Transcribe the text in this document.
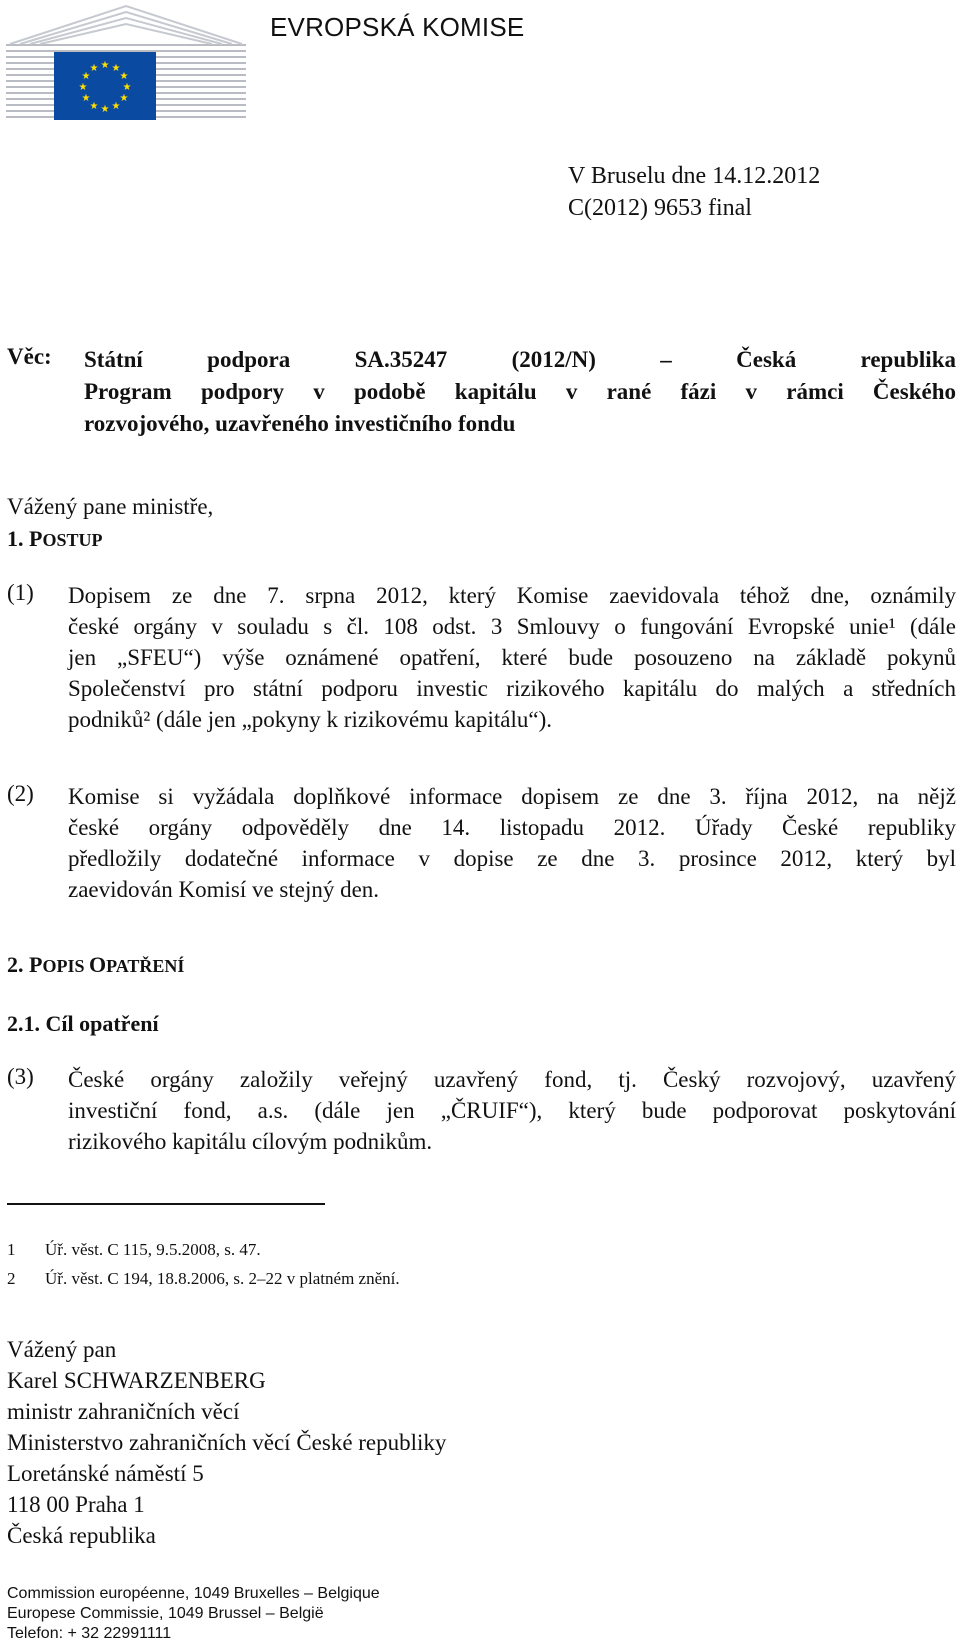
★ ★
★
★
★
★
★
★
★
★
★
★
EVROPSKÁ KOMISE
V Bruselu dne 14.12.2012
C(2012) 9653 final
Věc: Státní podpora SA.35247 (2012/N) – Česká republika
Program podpory v podobě kapitálu v rané fázi v rámci Českého
rozvojového, uzavřeného investičního fondu
Vážený pane ministře,
1. POSTUP
(1) Dopisem ze dne 7. srpna 2012, který Komise zaevidovala téhož dne, oznámily
české orgány v souladu s čl. 108 odst. 3 Smlouvy o fungování Evropské unie¹ (dále
jen „SFEU“) výše oznámené opatření, které bude posouzeno na základě pokynů
Společenství pro státní podporu investic rizikového kapitálu do malých a středních
podniků² (dále jen „pokyny k rizikovému kapitálu“).
(2) Komise si vyžádala doplňkové informace dopisem ze dne 3. října 2012, na nějž
české orgány odpověděly dne 14. listopadu 2012. Úřady České republiky
předložily dodatečné informace v dopise ze dne 3. prosince 2012, který byl
zaevidován Komisí ve stejný den.
2. POPIS OPATŘENÍ
2.1. Cíl opatření
(3) České orgány založily veřejný uzavřený fond, tj. Český rozvojový, uzavřený
investiční fond, a.s. (dále jen „ČRUIF“), který bude podporovat poskytování
rizikového kapitálu cílovým podnikům.
1 Úř. věst. C 115, 9.5.2008, s. 47.
2 Úř. věst. C 194, 18.8.2006, s. 2–22 v platném znění.
Vážený pan
Karel SCHWARZENBERG
ministr zahraničních věcí
Ministerstvo zahraničních věcí České republiky
Loretánské náměstí 5
118 00 Praha 1
Česká republika
Commission européenne, 1049 Bruxelles – Belgique
Europese Commissie, 1049 Brussel – België
Telefon: + 32 22991111
